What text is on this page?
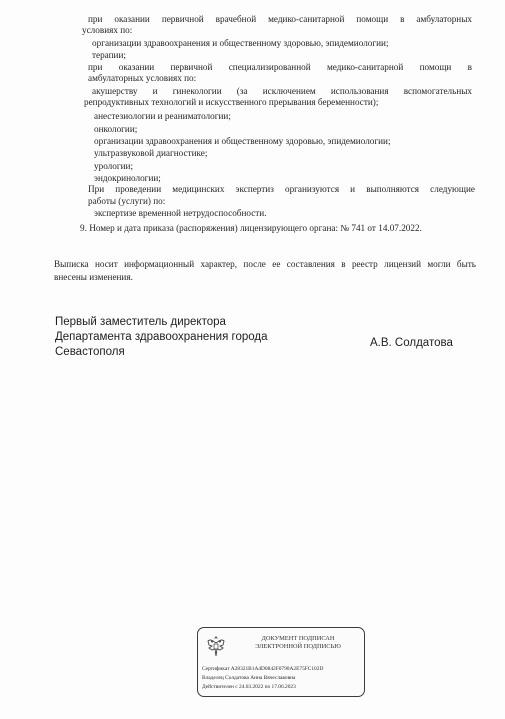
при оказании первичной врачебной медико-санитарной помощи в амбулаторных
условиях по:
организации здравоохранения и общественному здоровью, эпидемиологии;
терапии;
при оказании первичной специализированной медико-санитарной помощи в
амбулаторных условиях по:
акушерству и гинекологии (за исключением использования вспомогательных
репродуктивных технологий и искусственного прерывания беременности);
анестезиологии и реаниматологии;
онкологии;
организации здравоохранения и общественному здоровью, эпидемиологии;
ультразвуковой диагностике;
урологии;
эндокринологии;
При проведении медицинских экспертиз организуются и выполняются следующие
работы (услуги) по:
экспертизе временной нетрудоспособности.
9. Номер и дата приказа (распоряжения) лицензирующего органа: № 741 от 14.07.2022.
Выписка носит информационный характер, после ее составления в реестр лицензий могли быть
внесены изменения.
Первый заместитель директора
Департамента здравоохранения города
Севастополя
А.В. Солдатова
ДОКУМЕНТ ПОДПИСАН
ЭЛЕКТРОННОЙ ПОДПИСЬЮ
Сертификат A28321B1A4D0842F0790A2E75FC102D
Владелец Солдатова Анна Вячеславовна
Действителен с 24.03.2022 по 17.06.2023
